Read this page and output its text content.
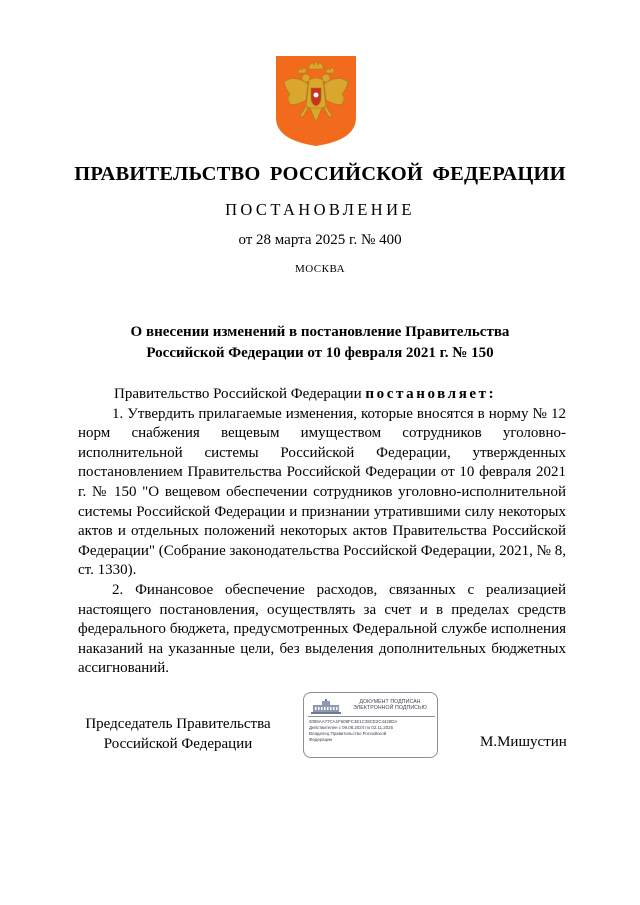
ПРАВИТЕЛЬСТВО РОССИЙСКОЙ ФЕДЕРАЦИИ
ПОСТАНОВЛЕНИЕ
от 28 марта 2025 г. № 400
МОСКВА
О внесении изменений в постановление Правительства
Российской Федерации от 10 февраля 2021 г. № 150

Правительство Российской Федерации постановляет:

1. Утвердить прилагаемые изменения, которые вносятся в норму № 12 норм снабжения вещевым имуществом сотрудников уголовно-исполнительной системы Российской Федерации, утвержденных постановлением Правительства Российской Федерации от 10 февраля 2021 г. № 150 "О вещевом обеспечении сотрудников уголовно-исполнительной системы Российской Федерации и признании утратившими силу некоторых актов и отдельных положений некоторых актов Правительства Российской Федерации" (Собрание законодательства Российской Федерации, 2021, № 8, ст. 1330).

2. Финансовое обеспечение расходов, связанных с реализацией настоящего постановления, осуществлять за счет и в пределах средств федерального бюджета, предусмотренных Федеральной службе исполнения наказаний на указанные цели, без выделения дополнительных бюджетных ассигнований.

Председатель Правительства
Российской Федерации
ДОКУМЕНТ ПОДПИСАН
ЭЛЕКТРОННОЙ ПОДПИСЬЮ
0085AA77CA1F608FC4E1C38CE2C4428DA
Действителен с 09.08.2024 по 02.11.2025
Владелец Правительство Российской
Федерации	М.Мишустин
